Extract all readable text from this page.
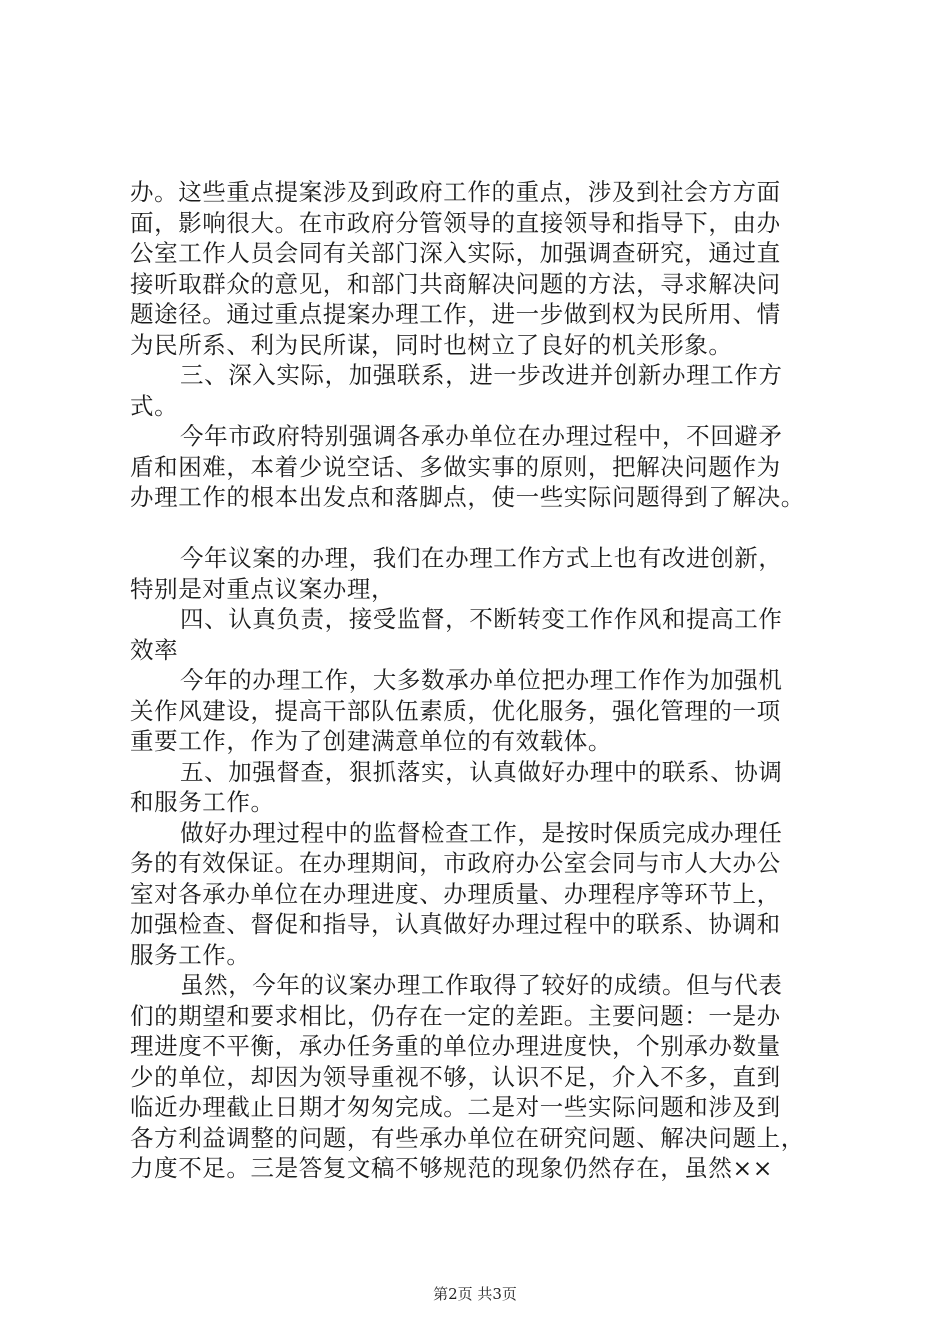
办。这些重点提案涉及到政府工作的重点，涉及到社会方方面
面，影响很大。在市政府分管领导的直接领导和指导下，由办
公室工作人员会同有关部门深入实际，加强调查研究，通过直
接听取群众的意见，和部门共商解决问题的方法，寻求解决问
题途径。通过重点提案办理工作，进一步做到权为民所用、情
为民所系、利为民所谋，同时也树立了良好的机关形象。
三、深入实际，加强联系，进一步改进并创新办理工作方
式。
今年市政府特别强调各承办单位在办理过程中，不回避矛
盾和困难，本着少说空话、多做实事的原则，把解决问题作为
办理工作的根本出发点和落脚点，使一些实际问题得到了解决。
今年议案的办理，我们在办理工作方式上也有改进创新，
特别是对重点议案办理，
四、认真负责，接受监督，不断转变工作作风和提高工作
效率
今年的办理工作，大多数承办单位把办理工作作为加强机
关作风建设，提高干部队伍素质，优化服务，强化管理的一项
重要工作，作为了创建满意单位的有效载体。
五、加强督查，狠抓落实，认真做好办理中的联系、协调
和服务工作。
做好办理过程中的监督检查工作，是按时保质完成办理任
务的有效保证。在办理期间，市政府办公室会同与市人大办公
室对各承办单位在办理进度、办理质量、办理程序等环节上，
加强检查、督促和指导，认真做好办理过程中的联系、协调和
服务工作。
虽然，今年的议案办理工作取得了较好的成绩。但与代表
们的期望和要求相比，仍存在一定的差距。主要问题：一是办
理进度不平衡，承办任务重的单位办理进度快，个别承办数量
少的单位，却因为领导重视不够，认识不足，介入不多，直到
临近办理截止日期才匆匆完成。二是对一些实际问题和涉及到
各方利益调整的问题，有些承办单位在研究问题、解决问题上，
力度不足。三是答复文稿不够规范的现象仍然存在，虽然××
第2页 共3页
